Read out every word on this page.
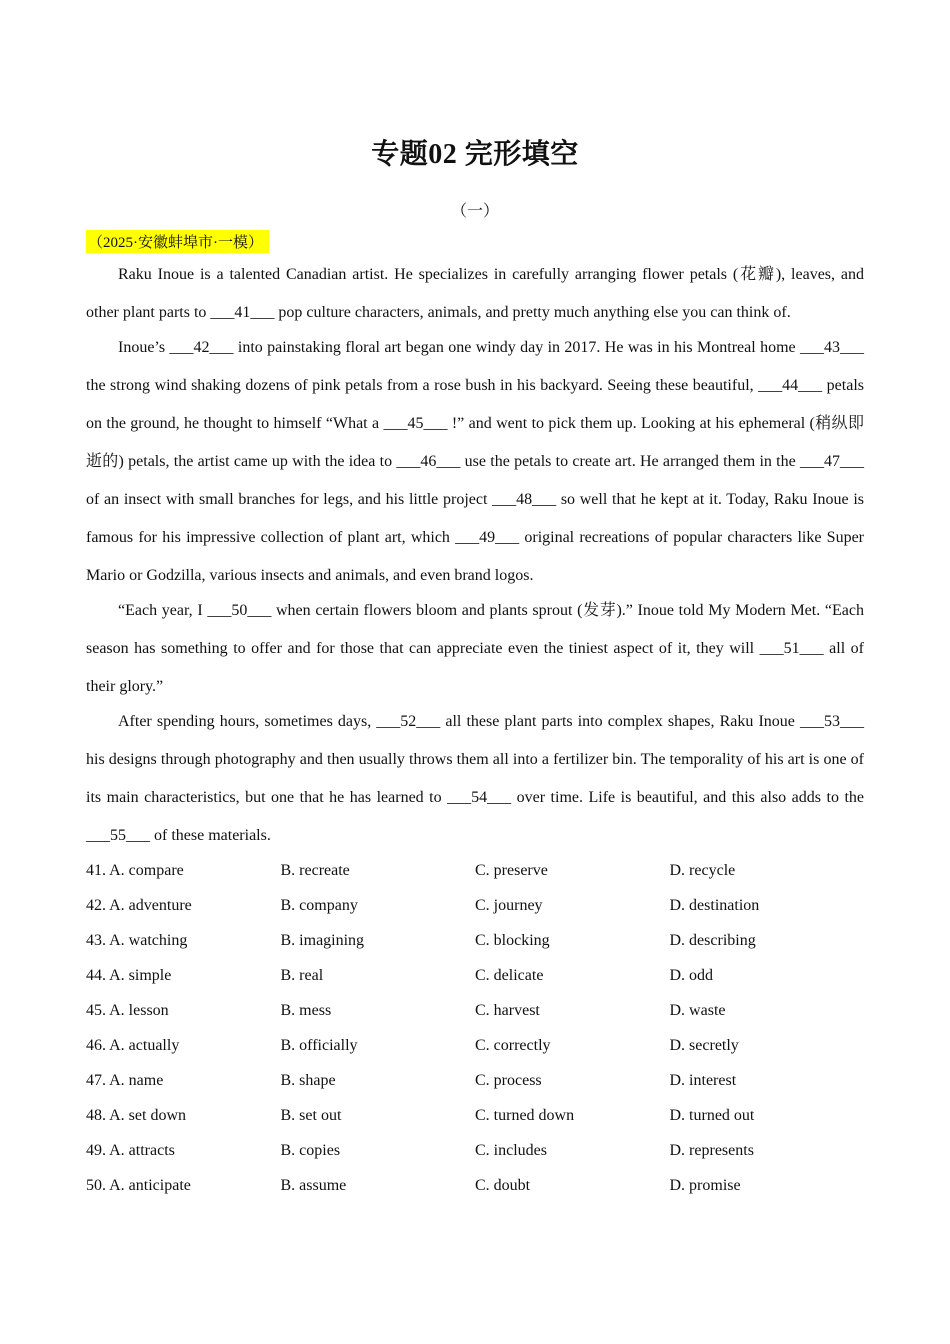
专题02 完形填空
（一）
（2025·安徽蚌埠市·一模）

Raku Inoue is a talented Canadian artist. He specializes in carefully arranging flower petals (花瓣), leaves, and other plant parts to ___41___ pop culture characters, animals, and pretty much anything else you can think of.

Inoue’s ___42___ into painstaking floral art began one windy day in 2017. He was in his Montreal home ___43___ the strong wind shaking dozens of pink petals from a rose bush in his backyard. Seeing these beautiful, ___44___ petals on the ground, he thought to himself “What a ___45___ !” and went to pick them up. Looking at his ephemeral (稍纵即逝的) petals, the artist came up with the idea to ___46___ use the petals to create art. He arranged them in the ___47___ of an insect with small branches for legs, and his little project ___48___ so well that he kept at it. Today, Raku Inoue is famous for his impressive collection of plant art, which ___49___ original recreations of popular characters like Super Mario or Godzilla, various insects and animals, and even brand logos.

“Each year, I ___50___ when certain flowers bloom and plants sprout (发芽).” Inoue told My Modern Met. “Each season has something to offer and for those that can appreciate even the tiniest aspect of it, they will ___51___ all of their glory.”

After spending hours, sometimes days, ___52___ all these plant parts into complex shapes, Raku Inoue ___53___ his designs through photography and then usually throws them all into a fertilizer bin. The temporality of his art is one of its main characteristics, but one that he has learned to ___54___ over time. Life is beautiful, and this also adds to the ___55___ of these materials.

41. A. compare	B. recreate	C. preserve	D. recycle
42. A. adventure	B. company	C. journey	D. destination
43. A. watching	B. imagining	C. blocking	D. describing
44. A. simple	B. real	C. delicate	D. odd
45. A. lesson	B. mess	C. harvest	D. waste
46. A. actually	B. officially	C. correctly	D. secretly
47. A. name	B. shape	C. process	D. interest
48. A. set down	B. set out	C. turned down	D. turned out
49. A. attracts	B. copies	C. includes	D. represents
50. A. anticipate	B. assume	C. doubt	D. promise
